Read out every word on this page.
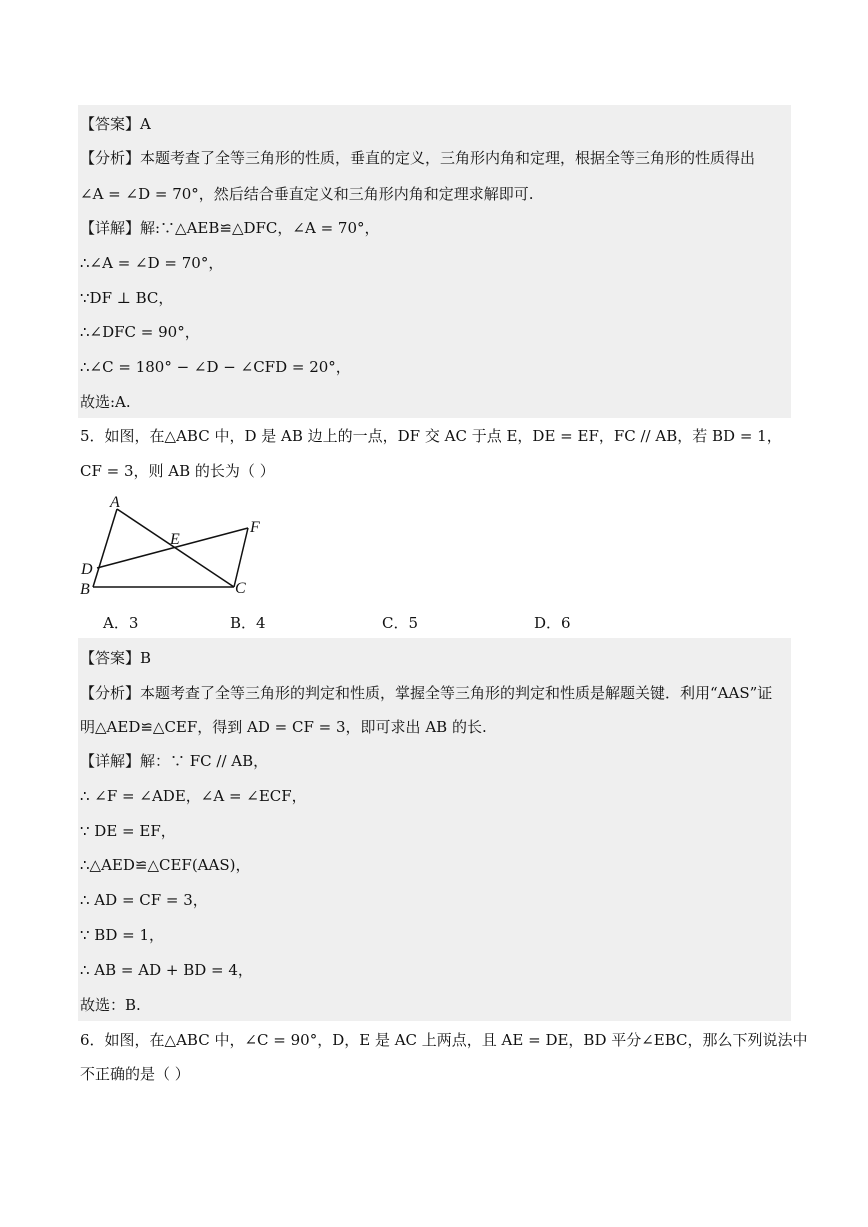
【答案】A
【分析】本题考查了全等三角形的性质，垂直的定义，三角形内角和定理，根据全等三角形的性质得出
∠A = ∠D = 70°，然后结合垂直定义和三角形内角和定理求解即可.
【详解】解:∵△AEB≌△DFC，∠A = 70°，
∴∠A = ∠D = 70°，
∵DF ⊥ BC，
∴∠DFC = 90°，
∴∠C = 180° − ∠D − ∠CFD = 20°，
故选:A.
5．如图，在△ABC 中，D 是 AB 边上的一点，DF 交 AC 于点 E，DE = EF，FC // AB，若 BD = 1，
CF = 3，则 AB 的长为（ ）
A
B	C
D
E
F
A．3	B．4	C．5	D．6
【答案】B
【分析】本题考查了全等三角形的判定和性质，掌握全等三角形的判定和性质是解题关键．利用“AAS”证
明△AED≌△CEF，得到 AD = CF = 3，即可求出 AB 的长.
【详解】解：∵ FC // AB，
∴ ∠F = ∠ADE，∠A = ∠ECF，
∵ DE = EF，
∴△AED≌△CEF(AAS)，
∴ AD = CF = 3，
∵ BD = 1，
∴ AB = AD + BD = 4，
故选：B.
6．如图，在△ABC 中，∠C = 90°，D，E 是 AC 上两点，且 AE = DE，BD 平分∠EBC，那么下列说法中
不正确的是（ ）
